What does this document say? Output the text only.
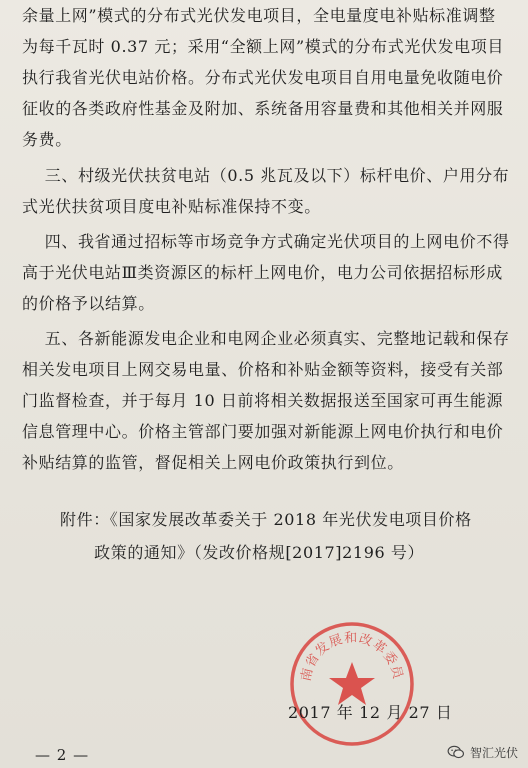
余量上网”模式的分布式光伏发电项目，全电量度电补贴标准调整为每千瓦时 0.37 元；采用“全额上网”模式的分布式光伏发电项目执行我省光伏电站价格。分布式光伏发电项目自用电量免收随电价征收的各类政府性基金及附加、系统备用容量费和其他相关并网服务费。

三、村级光伏扶贫电站（0.5 兆瓦及以下）标杆电价、户用分布式光伏扶贫项目度电补贴标准保持不变。

四、我省通过招标等市场竞争方式确定光伏项目的上网电价不得高于光伏电站Ⅲ类资源区的标杆上网电价，电力公司依据招标形成的价格予以结算。

五、各新能源发电企业和电网企业必须真实、完整地记载和保存相关发电项目上网交易电量、价格和补贴金额等资料，接受有关部门监督检查，并于每月 10 日前将相关数据报送至国家可再生能源信息管理中心。价格主管部门要加强对新能源上网电价执行和电价补贴结算的监管，督促相关上网电价政策执行到位。

附件：《国家发展改革委关于 2018 年光伏发电项目价格
政策的通知》（发改价格规[2017]2196 号）

南省发展和改革委员
2017 年 12 月 27 日
— 2 —	智汇光伏
